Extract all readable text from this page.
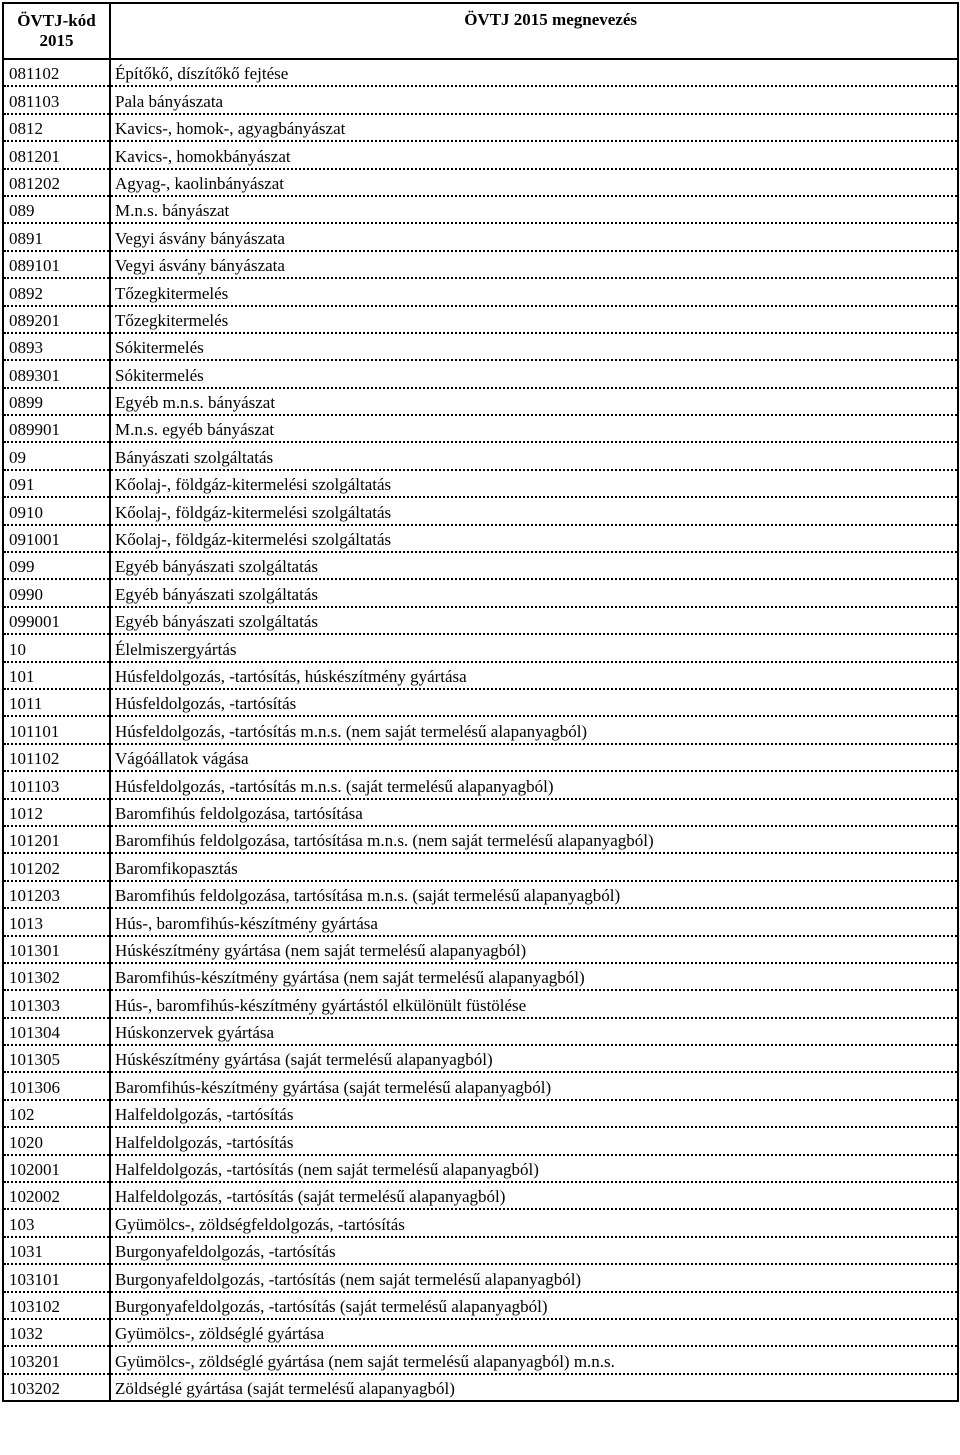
ÖVTJ-kód
2015	ÖVTJ 2015 megnevezés
081102	Építőkő, díszítőkő fejtése
081103	Pala bányászata
0812	Kavics-, homok-, agyagbányászat
081201	Kavics-, homokbányászat
081202	Agyag-, kaolinbányászat
089	M.n.s. bányászat
0891	Vegyi ásvány bányászata
089101	Vegyi ásvány bányászata
0892	Tőzegkitermelés
089201	Tőzegkitermelés
0893	Sókitermelés
089301	Sókitermelés
0899	Egyéb m.n.s. bányászat
089901	M.n.s. egyéb bányászat
09	Bányászati szolgáltatás
091	Kőolaj-, földgáz-kitermelési szolgáltatás
0910	Kőolaj-, földgáz-kitermelési szolgáltatás
091001	Kőolaj-, földgáz-kitermelési szolgáltatás
099	Egyéb bányászati szolgáltatás
0990	Egyéb bányászati szolgáltatás
099001	Egyéb bányászati szolgáltatás
10	Élelmiszergyártás
101	Húsfeldolgozás, -tartósítás, húskészítmény gyártása
1011	Húsfeldolgozás, -tartósítás
101101	Húsfeldolgozás, -tartósítás m.n.s. (nem saját termelésű alapanyagból)
101102	Vágóállatok vágása
101103	Húsfeldolgozás, -tartósítás m.n.s. (saját termelésű alapanyagból)
1012	Baromfihús feldolgozása, tartósítása
101201	Baromfihús feldolgozása, tartósítása m.n.s. (nem saját termelésű alapanyagból)
101202	Baromfikopasztás
101203	Baromfihús feldolgozása, tartósítása m.n.s. (saját termelésű alapanyagból)
1013	Hús-, baromfihús-készítmény gyártása
101301	Húskészítmény gyártása (nem saját termelésű alapanyagból)
101302	Baromfihús-készítmény gyártása (nem saját termelésű alapanyagból)
101303	Hús-, baromfihús-készítmény gyártástól elkülönült füstölése
101304	Húskonzervek gyártása
101305	Húskészítmény gyártása (saját termelésű alapanyagból)
101306	Baromfihús-készítmény gyártása (saját termelésű alapanyagból)
102	Halfeldolgozás, -tartósítás
1020	Halfeldolgozás, -tartósítás
102001	Halfeldolgozás, -tartósítás (nem saját termelésű alapanyagból)
102002	Halfeldolgozás, -tartósítás (saját termelésű alapanyagból)
103	Gyümölcs-, zöldségfeldolgozás, -tartósítás
1031	Burgonyafeldolgozás, -tartósítás
103101	Burgonyafeldolgozás, -tartósítás (nem saját termelésű alapanyagból)
103102	Burgonyafeldolgozás, -tartósítás (saját termelésű alapanyagból)
1032	Gyümölcs-, zöldséglé gyártása
103201	Gyümölcs-, zöldséglé gyártása (nem saját termelésű alapanyagból) m.n.s.
103202	Zöldséglé gyártása (saját termelésű alapanyagból)
